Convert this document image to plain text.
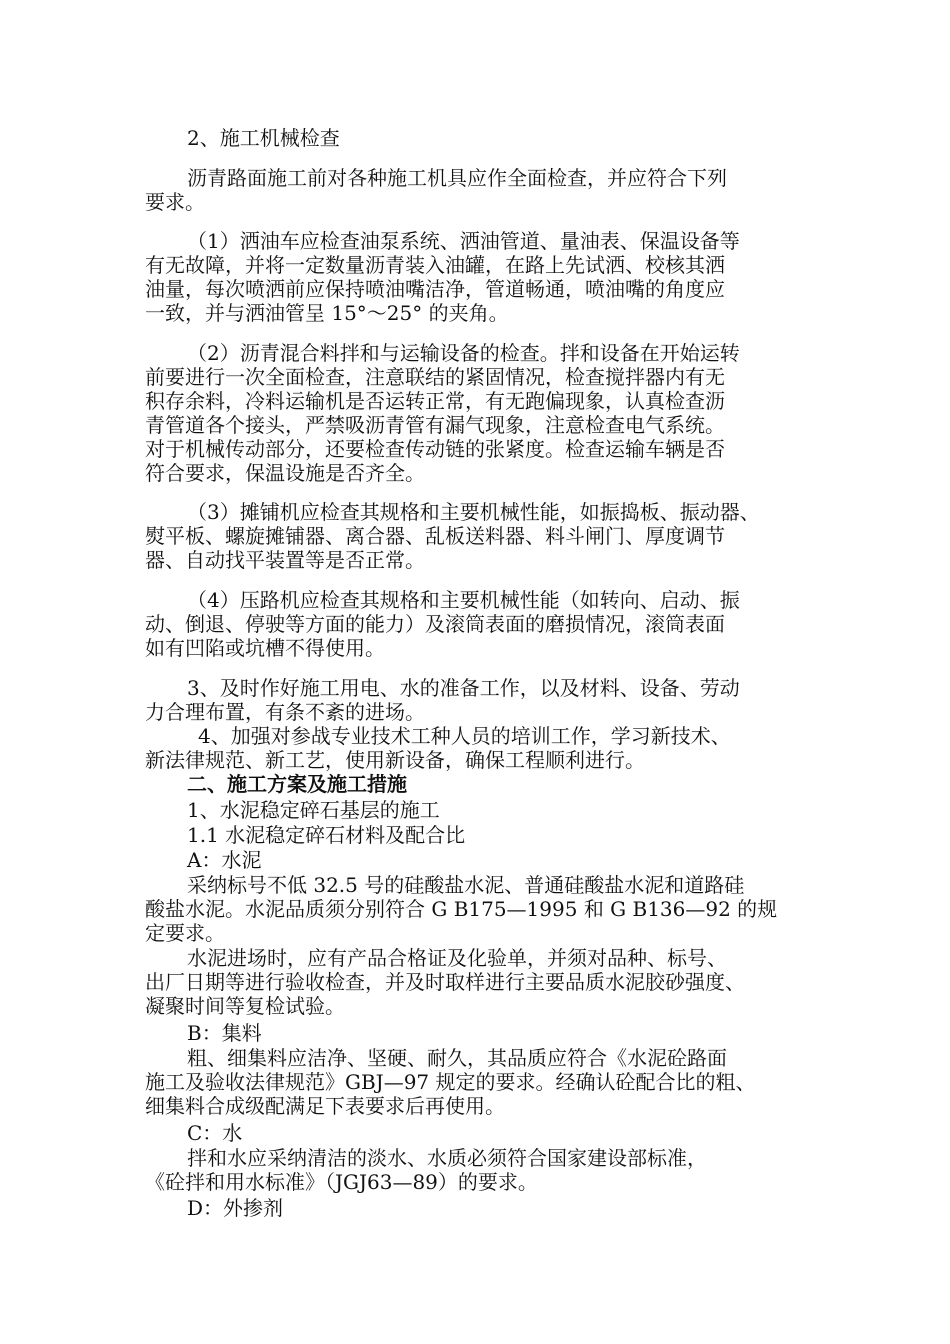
2、施工机械检查
沥青路面施工前对各种施工机具应作全面检查，并应符合下列
要求。
（1）洒油车应检查油泵系统、洒油管道、量油表、保温设备等
有无故障，并将一定数量沥青装入油罐，在路上先试洒、校核其洒
油量，每次喷洒前应保持喷油嘴洁净，管道畅通，喷油嘴的角度应
一致，并与洒油管呈 15°～25° 的夹角。
（2）沥青混合料拌和与运输设备的检查。拌和设备在开始运转
前要进行一次全面检查，注意联结的紧固情况，检查搅拌器内有无
积存余料，冷料运输机是否运转正常，有无跑偏现象，认真检查沥
青管道各个接头，严禁吸沥青管有漏气现象，注意检查电气系统。
对于机械传动部分，还要检查传动链的张紧度。检查运输车辆是否
符合要求，保温设施是否齐全。
（3）摊铺机应检查其规格和主要机械性能，如振捣板、振动器、
熨平板、螺旋摊铺器、离合器、乱板送料器、料斗闸门、厚度调节
器、自动找平装置等是否正常。
（4）压路机应检查其规格和主要机械性能（如转向、启动、振
动、倒退、停驶等方面的能力）及滚筒表面的磨损情况，滚筒表面
如有凹陷或坑槽不得使用。
3、及时作好施工用电、水的准备工作，以及材料、设备、劳动
力合理布置，有条不紊的进场。
4、加强对参战专业技术工种人员的培训工作，学习新技术、
新法律规范、新工艺，使用新设备，确保工程顺利进行。
二、施工方案及施工措施
1、水泥稳定碎石基层的施工
1.1 水泥稳定碎石材料及配合比
A：水泥
采纳标号不低 32.5 号的硅酸盐水泥、普通硅酸盐水泥和道路硅
酸盐水泥。水泥品质须分别符合 G B175—1995 和 G B136—92 的规
定要求。
水泥进场时，应有产品合格证及化验单，并须对品种、标号、
出厂日期等进行验收检查，并及时取样进行主要品质水泥胶砂强度、
凝聚时间等复检试验。
B：集料
粗、细集料应洁净、坚硬、耐久，其品质应符合《水泥砼路面
施工及验收法律规范》GBJ—97 规定的要求。经确认砼配合比的粗、
细集料合成级配满足下表要求后再使用。
C：水
拌和水应采纳清洁的淡水、水质必须符合国家建设部标准，
《砼拌和用水标准》（JGJ63—89）的要求。
D：外掺剂
